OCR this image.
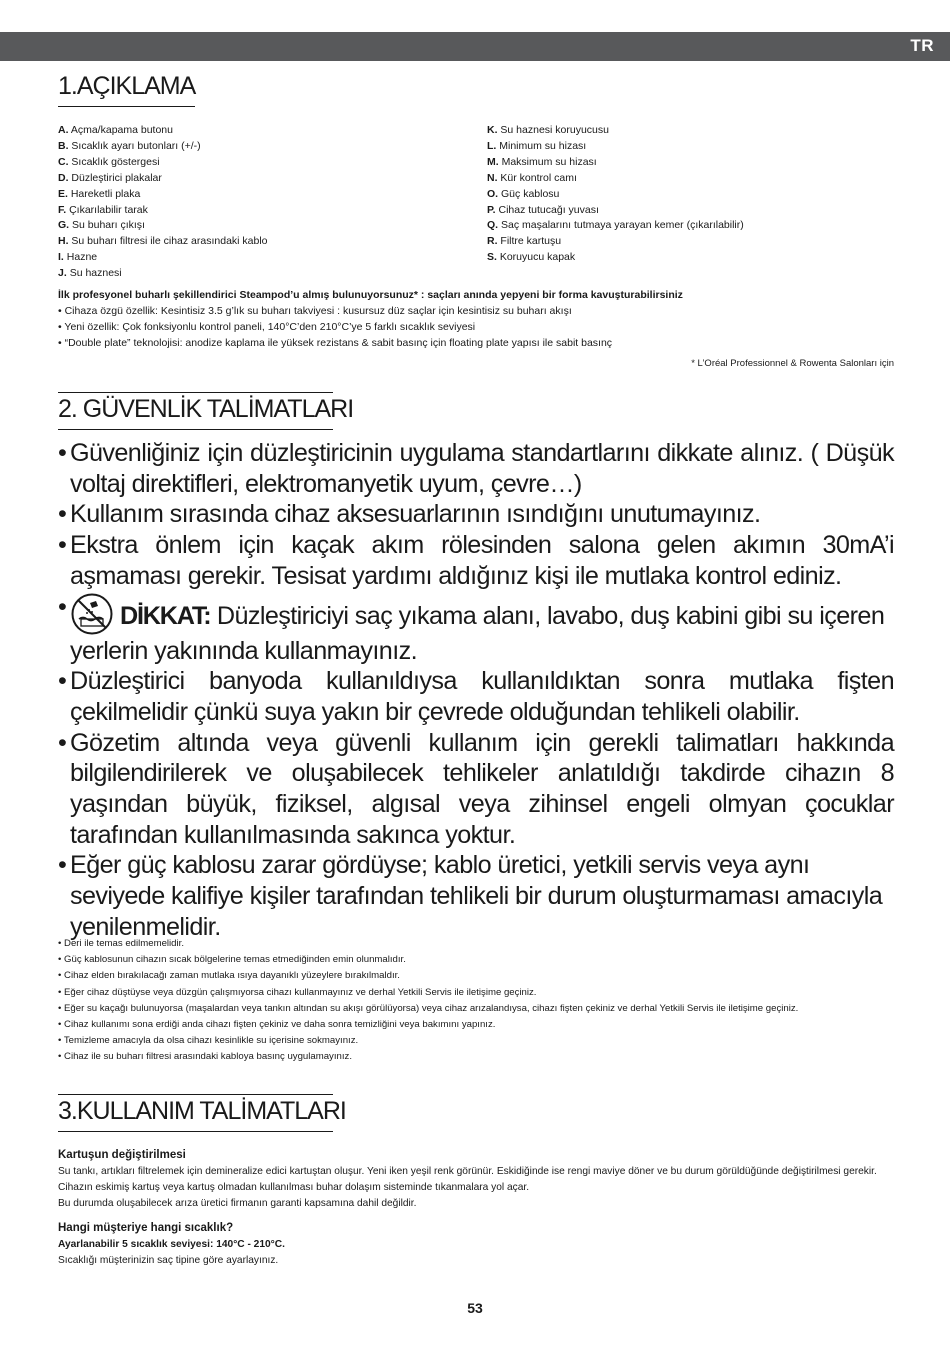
TR
1.AÇIKLAMA
A. Açma/kapama butonu
B. Sıcaklık ayarı butonları (+/-)
C. Sıcaklık göstergesi
D. Düzleştirici plakalar
E. Hareketli plaka
F. Çıkarılabilir tarak
G. Su buharı çıkışı
H. Su buharı filtresi ile cihaz arasındaki kablo
I. Hazne
J. Su haznesi
K. Su haznesi koruyucusu
L. Minimum su hizası
M. Maksimum su hizası
N. Kür kontrol camı
O. Güç kablosu
P. Cihaz tutucağı yuvası
Q. Saç maşalarını tutmaya yarayan kemer (çıkarılabilir)
R. Filtre kartuşu
S. Koruyucu kapak
İlk profesyonel buharlı şekillendirici Steampod’u almış bulunuyorsunuz* : saçları anında yepyeni bir forma kavuşturabilirsiniz
• Cihaza özgü özellik: Kesintisiz 3.5 g’lık su buharı takviyesi : kusursuz düz saçlar için kesintisiz su buharı akışı
• Yeni özellik: Çok fonksiyonlu kontrol paneli, 140°C’den 210°C’ye 5 farklı sıcaklık seviyesi
• “Double plate” teknolojisi: anodize kaplama ile yüksek rezistans & sabit basınç için floating plate yapısı ile sabit basınç
* L’Oréal Professionnel & Rowenta Salonları için
2. GÜVENLİK TALİMATLARI
• Güvenliğiniz için düzleştiricinin uygulama standartlarını dikkate alınız. ( Düşük voltaj direktifleri, elektromanyetik uyum, çevre…)
• Kullanım sırasında cihaz aksesuarlarının ısındığını unutumayınız.
• Ekstra önlem için kaçak akım rölesinden salona gelen akımın 30mA’i aşmaması gerekir. Tesisat yardımı aldığınız kişi ile mutlaka kontrol ediniz.
• DİKKAT: Düzleştiriciyi saç yıkama alanı, lavabo, duş kabini gibi su içeren yerlerin yakınında kullanmayınız.
• Düzleştirici banyoda kullanıldıysa kullanıldıktan sonra mutlaka fişten çekilmelidir çünkü suya yakın bir çevrede olduğundan tehlikeli olabilir.
• Gözetim altında veya güvenli kullanım için gerekli talimatları hakkında bilgilendirilerek ve oluşabilecek tehlikeler anlatıldığı takdirde cihazın 8 yaşından büyük, fiziksel, algısal veya zihinsel engeli olmyan çocuklar tarafından kullanılmasında sakınca yoktur.
• Eğer güç kablosu zarar gördüyse; kablo üretici, yetkili servis veya aynı seviyede kalifiye kişiler tarafından tehlikeli bir durum oluşturmaması amacıyla yenilenmelidir.
• Deri ile temas edilmemelidir.
• Güç kablosunun cihazın sıcak bölgelerine temas etmediğinden emin olunmalıdır.
• Cihaz elden bırakılacağı zaman mutlaka ısıya dayanıklı yüzeylere bırakılmaldır.
• Eğer cihaz düştüyse veya düzgün çalışmıyorsa cihazı kullanmayınız ve derhal Yetkili Servis ile iletişime geçiniz.
• Eğer su kaçağı bulunuyorsa (maşalardan veya tankın altından su akışı görülüyorsa) veya cihaz arızalandıysa, cihazı fişten çekiniz ve derhal Yetkili Servis ile iletişime geçiniz.
• Cihaz kullanımı sona erdiği anda cihazı fişten çekiniz ve daha sonra temizliğini veya bakımını yapınız.
• Temizleme amacıyla da olsa cihazı kesinlikle su içerisine sokmayınız.
• Cihaz ile su buharı filtresi arasındaki kabloya basınç uygulamayınız.
3.KULLANIM TALİMATLARI
Kartuşun değiştirilmesi
Su tankı, artıkları filtrelemek için demineralize edici kartuştan oluşur. Yeni iken yeşil renk görünür. Eskidiğinde ise rengi maviye döner ve bu durum görüldüğünde değiştirilmesi gerekir. Cihazın eskimiş kartuş veya kartuş olmadan kullanılması buhar dolaşım sisteminde tıkanmalara yol açar.
Bu durumda oluşabilecek arıza üretici firmanın garanti kapsamına dahil değildir.
Hangi müşteriye hangi sıcaklık?
Ayarlanabilir 5 sıcaklık seviyesi: 140°C - 210°C.
Sıcaklığı müşterinizin saç tipine göre ayarlayınız.
53
